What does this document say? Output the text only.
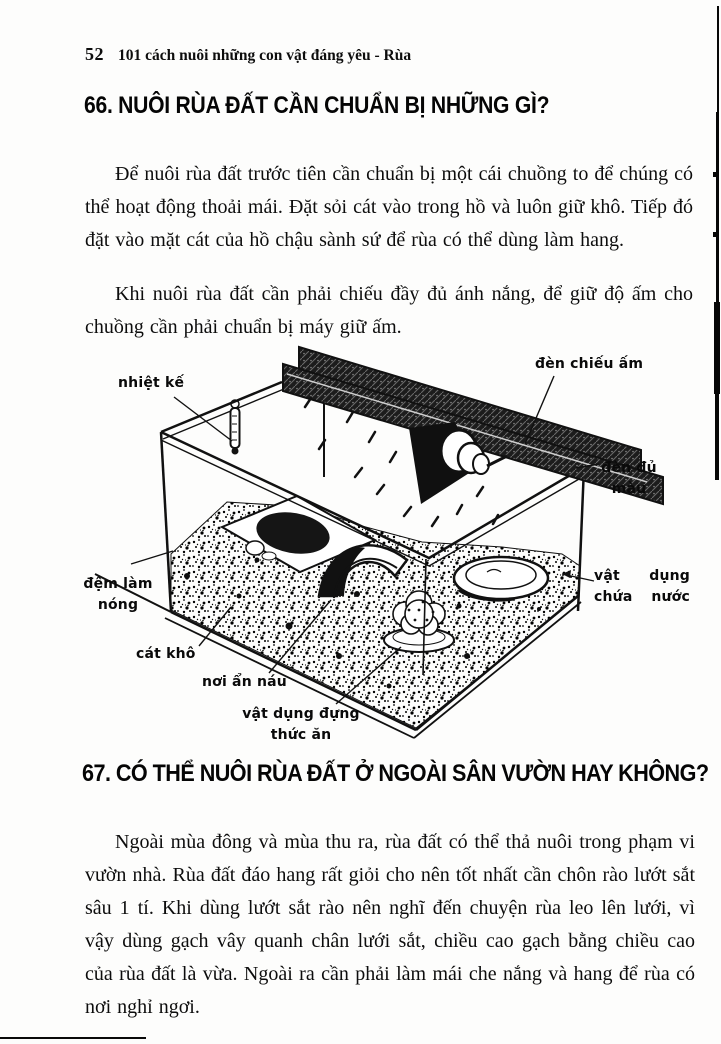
52 101 cách nuôi những con vật đáng yêu - Rùa
66. NUÔI RÙA ĐẤT CẦN CHUẨN BỊ NHỮNG GÌ?

Để nuôi rùa đất trước tiên cần chuẩn bị một cái chuồng to để chúng có thể hoạt động thoải mái. Đặt sỏi cát vào trong hồ và luôn giữ khô. Tiếp đó đặt vào mặt cát của hồ chậu sành sứ để rùa có thể dùng làm hang.

Khi nuôi rùa đất cần phải chiếu đầy đủ ánh nắng, để giữ độ ấm cho chuồng cần phải chuẩn bị máy giữ ấm.

nhiệt kế
đèn chiếu ấm
đèn đủ màu
vật dụng chứa nước
đệm làm nóng
cát khô
nơi ẩn náu
vật dụng đựng thức ăn
67. CÓ THỂ NUÔI RÙA ĐẤT Ở NGOÀI SÂN VƯỜN HAY KHÔNG?

Ngoài mùa đông và mùa thu ra, rùa đất có thể thả nuôi trong phạm vi vườn nhà. Rùa đất đáo hang rất giỏi cho nên tốt nhất cần chôn rào lướt sắt sâu 1 tí. Khi dùng lướt sắt rào nên nghĩ đến chuyện rùa leo lên lưới, vì vậy dùng gạch vây quanh chân lưới sắt, chiều cao gạch bằng chiều cao của rùa đất là vừa. Ngoài ra cần phải làm mái che nắng và hang để rùa có nơi nghỉ ngơi.
